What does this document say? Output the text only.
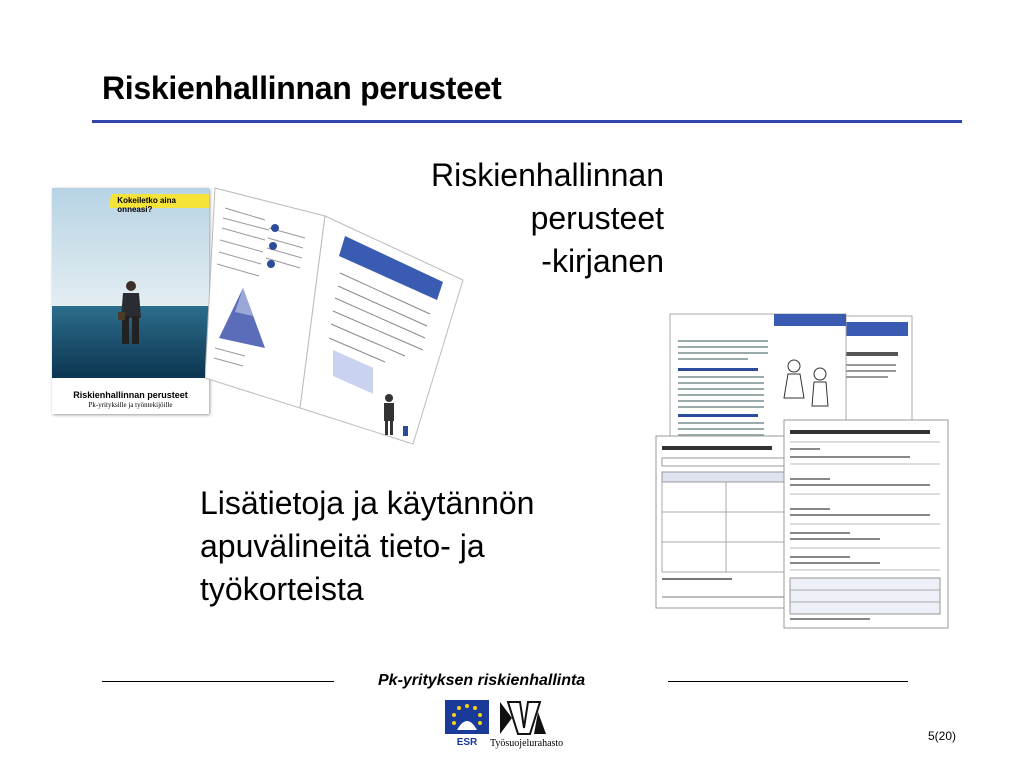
Riskienhallinnan perusteet
Kokeiletko aina onneasi?
Riskienhallinnan perusteet
Pk-yrityksille ja työntekijöille
Riskienhallinnan
perusteet
-kirjanen
Lisätietoja ja käytännön
apuvälineitä tieto- ja
työkorteista
Pk-yrityksen riskienhallinta
ESR Työsuojelurahasto
5(20)
